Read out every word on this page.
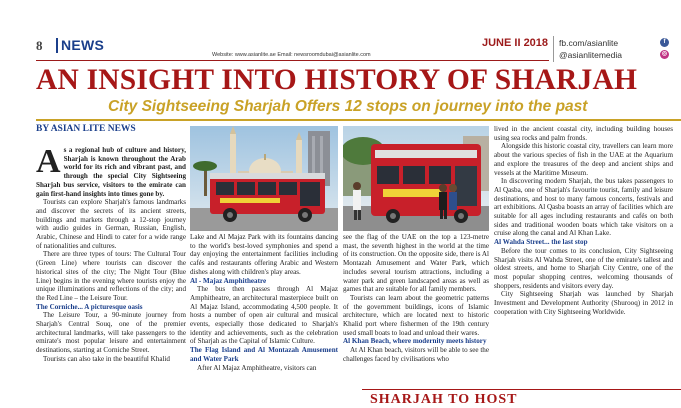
8 NEWS	JUNE II 2018
Website: www.asianlite.ae Email: newsroomdubai@asianlite.com
fb.com/asianlite	f
@asianlitemedia	◎
AN INSIGHT INTO HISTORY OF SHARJAH
City Sightseeing Sharjah Offers 12 stops on journey into the past
BY ASIAN LITE NEWS

As a regional hub of culture and history, Sharjah is known throughout the Arab world for its rich and vibrant past, and through the special City Sightseeing Sharjah bus service, visitors to the emirate can gain first-hand insights into times gone by.

Tourists can explore Sharjah's famous landmarks and discover the secrets of its ancient streets, buildings and markets through a 12-stop journey with audio guides in German, Russian, English, Arabic, Chinese and Hindi to cater for a wide range of nationalities and cultures.

There are three types of tours: The Cultural Tour (Green Line) where tourists can discover the historical sites of the city; The Night Tour (Blue Line) begins in the evening where tourists enjoy the unique illuminations and reflections of the city; and the Red Line – the Leisure Tour.

The Corniche... A picturesque oasis

The Leisure Tour, a 90-minute journey from Sharjah's Central Souq, one of the premier architectural landmarks, will take passengers to the emirate's most popular leisure and entertainment destinations, starting at Corniche Street.

Tourists can also take in the beautiful Khalid

Lake and Al Majaz Park with its fountains dancing to the world's best-loved symphonies and spend a day enjoying the entertainment facilities including cafés and restaurants offering Arabic and Western dishes along with children's play areas.

Al - Majaz Amphitheatre

The bus then passes through Al Majaz Amphitheatre, an architectural masterpiece built on Al Majaz Island, accommodating 4,500 people. It hosts a number of open air cultural and musical events, especially those dedicated to Sharjah's identity and achievements, such as the celebration of Sharjah as the Capital of Islamic Culture.

The Flag Island and Al Montazah Amusement and Water Park

After Al Majaz Amphitheatre, visitors can

see the flag of the UAE on the top a 123-metre mast, the seventh highest in the world at the time of its construction. On the opposite side, there is Al Montazah Amusement and Water Park, which includes several tourism attractions, including a water park and green landscaped areas as well as games that are suitable for all family members.

Tourists can learn about the geometric patterns of the government buildings, icons of Islamic architecture, which are located next to historic Khalid port where fishermen of the 19th century used small boats to load and unload their wares.

Al Khan Beach, where modernity meets history

At Al Khan beach, visitors will be able to see the challenges faced by civilisations who

lived in the ancient coastal city, including building houses using sea rocks and palm fronds.

Alongside this historic coastal city, travellers can learn more about the various species of fish in the UAE at the Aquarium and explore the treasures of the deep and ancient ships and vessels at the Maritime Museum.

In discovering modern Sharjah, the bus takes passengers to Al Qasba, one of Sharjah's favourite tourist, family and leisure destinations, and host to many famous concerts, festivals and art exhibitions. Al Qasba boasts an array of facilities which are suitable for all ages including restaurants and cafés on both sides and traditional wooden boats which take visitors on a cruise along the canal and Al Khan Lake.

Al Wahda Street... the last stop

Before the tour comes to its conclusion, City Sightseeing Sharjah visits Al Wahda Street, one of the emirate's tallest and oldest streets, and home to Sharjah City Centre, one of the most popular shopping centres, welcoming thousands of shoppers, residents and visitors every day.

City Sightseeing Sharjah was launched by Sharjah Investment and Development Authority (Shurooq) in 2012 in cooperation with City Sightseeing Worldwide.

SHARJAH TO HOST
